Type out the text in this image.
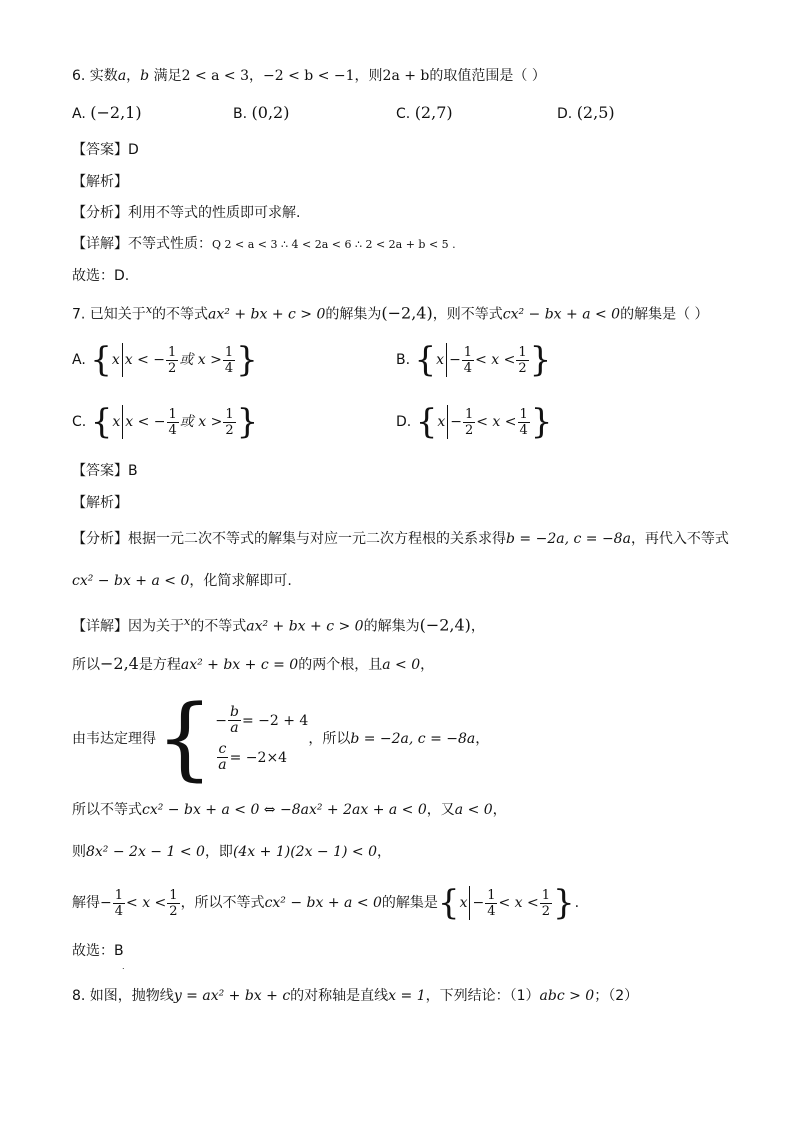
6. 实数a，b 满足2 < a < 3，−2 < b < −1，则2a + b的取值范围是（ ）
A. (−2,1)	B. (0,2)	C. (2,7)	D. (2,5)
【答案】D
【解析】
【分析】利用不等式的性质即可求解.
【详解】不等式性质：Q 2 < a < 3 ∴ 4 < 2a < 6 ∴ 2 < 2a + b < 5 .
故选：D.
7. 已知关于$^x$的不等式ax² + bx + c > 0的解集为(−2,4)，则不等式cx² − bx + a < 0的解集是（ ）
A. {x x < − $\frac{1}{2}$ 或 $x > \frac{1}{4}$ }	B. {$x - \frac{1}{4} < x < \frac{1}{2}$ }
C. {x x < − $\frac{1}{4}$ 或 $x > \frac{1}{2}$ }	D. {$x - \frac{1}{2} < x < \frac{1}{4}$ }
【答案】B
【解析】
【分析】根据一元二次不等式的解集与对应一元二次方程根的关系求得b = −2a, c = −8a，再代入不等式
cx² − bx + a < 0，化简求解即可.
【详解】因为关于$^x$的不等式ax² + bx + c > 0的解集为(−2,4)，
所以−2,4是方程ax² + bx + c = 0的两个根，且a < 0，
由韦达定理得 { − $\frac{b}{a} = -2 + 4$
$\frac{c}{a} = -2\times 4$
，所以b = −2a, c = −8a，
所以不等式cx² − bx + a < 0 ⇔ −8ax² + 2ax + a < 0，又a < 0，
则8x² − 2x − 1 < 0，即(4x + 1)(2x − 1) < 0，
解得− $\frac{1}{4} < x < \frac{1}{2}$ ，所以不等式cx² − bx + a < 0的解集是{$x - \frac{1}{4} < x < \frac{1}{2}$ }.
故选：B
.
8. 如图，抛物线y = ax² + bx + c的对称轴是直线x = 1，下列结论：（1）abc > 0；（2）
